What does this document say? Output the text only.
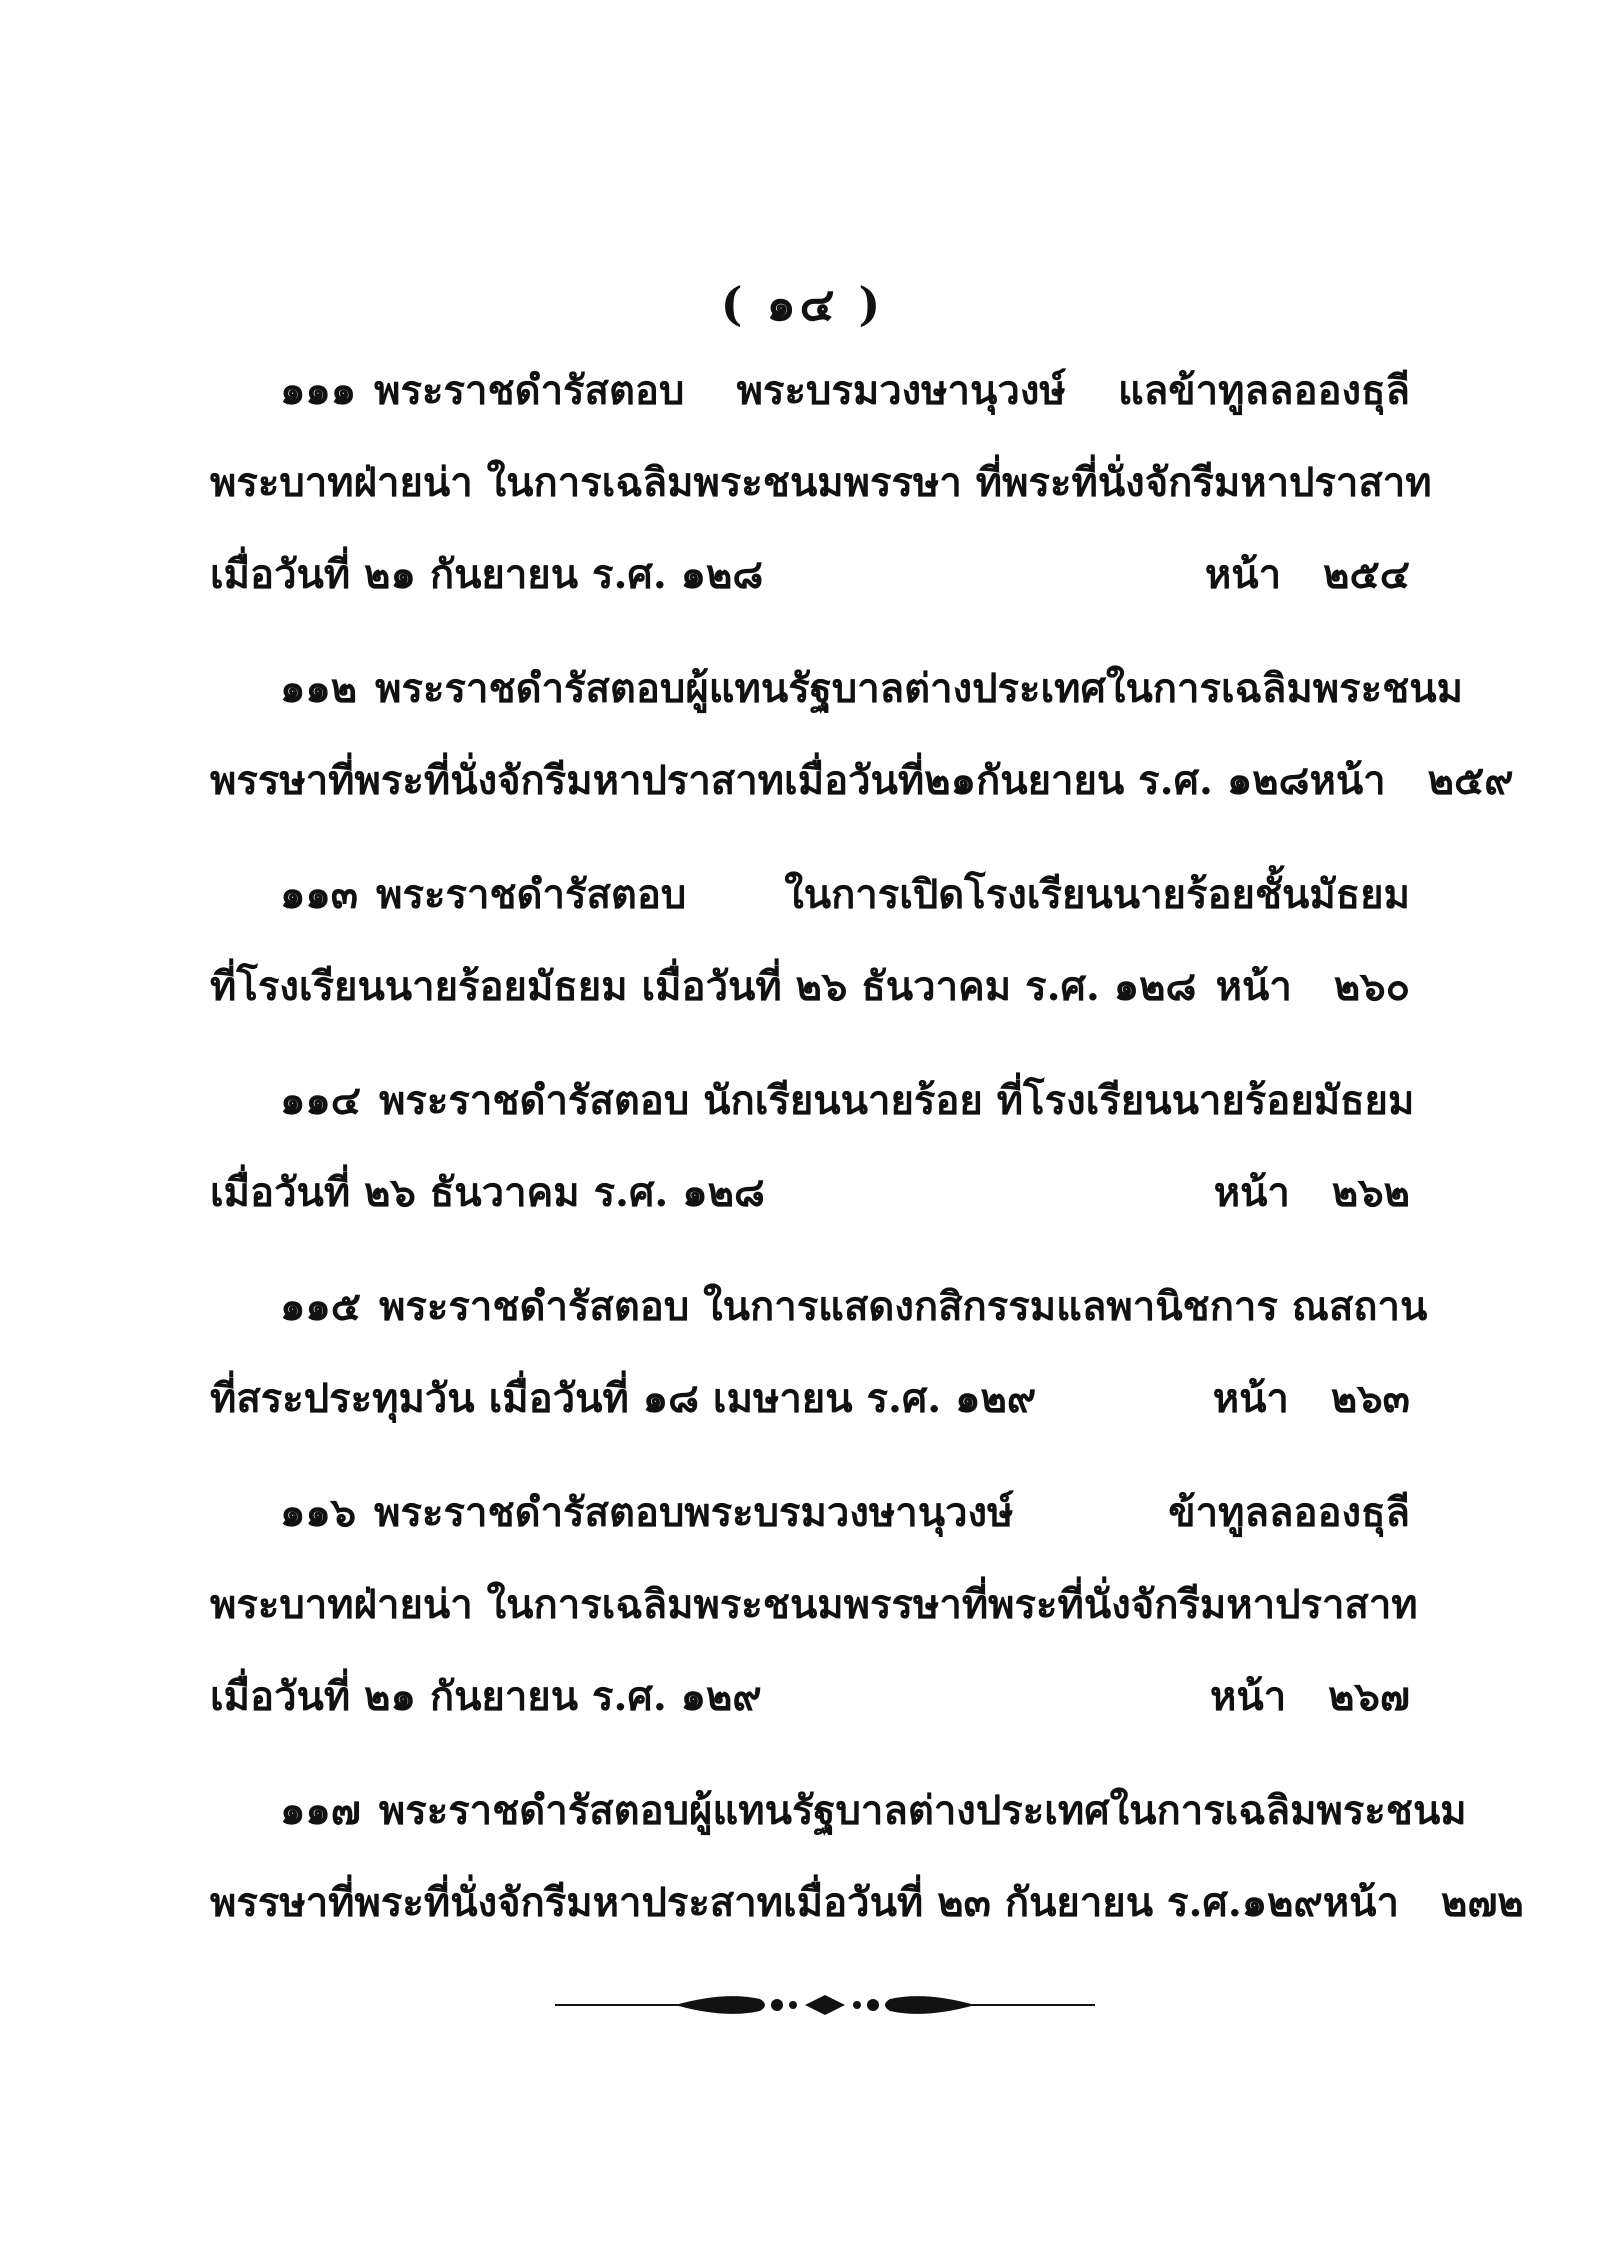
( ๑๔ )
๑๑๑ พระราชดำรัสตอบ พระบรมวงษานุวงษ์ แลข้าทูลลอองธุลี
พระบาทฝ่ายน่า ในการเฉลิมพระชนมพรรษา ที่พระที่นั่งจักรีมหาปราสาท
เมื่อวันที่ ๒๑ กันยายน ร.ศ. ๑๒๘	หน้า ๒๕๔
๑๑๒ พระราชดำรัสตอบผู้แทนรัฐบาลต่างประเทศในการเฉลิมพระชนม
พรรษาที่พระที่นั่งจักรีมหาปราสาทเมื่อวันที่๒๑กันยายน ร.ศ. ๑๒๘ หน้า ๒๕๙
๑๑๓ พระราชดำรัสตอบ ในการเปิดโรงเรียนนายร้อยชั้นมัธยม
ที่โรงเรียนนายร้อยมัธยม เมื่อวันที่ ๒๖ ธันวาคม ร.ศ. ๑๒๘ หน้า ๒๖๐
๑๑๔ พระราชดำรัสตอบ นักเรียนนายร้อย ที่โรงเรียนนายร้อยมัธยม
เมื่อวันที่ ๒๖ ธันวาคม ร.ศ. ๑๒๘	หน้า ๒๖๒
๑๑๕ พระราชดำรัสตอบ ในการแสดงกสิกรรมแลพานิชการ ณสถาน
ที่สระประทุมวัน เมื่อวันที่ ๑๘ เมษายน ร.ศ. ๑๒๙	หน้า ๒๖๓
๑๑๖ พระราชดำรัสตอบพระบรมวงษานุวงษ์ ข้าทูลลอองธุลี
พระบาทฝ่ายน่า ในการเฉลิมพระชนมพรรษาที่พระที่นั่งจักรีมหาปราสาท
เมื่อวันที่ ๒๑ กันยายน ร.ศ. ๑๒๙	หน้า ๒๖๗
๑๑๗ พระราชดำรัสตอบผู้แทนรัฐบาลต่างประเทศในการเฉลิมพระชนม
พรรษาที่พระที่นั่งจักรีมหาประสาทเมื่อวันที่ ๒๓ กันยายน ร.ศ.๑๒๙ หน้า ๒๗๒
